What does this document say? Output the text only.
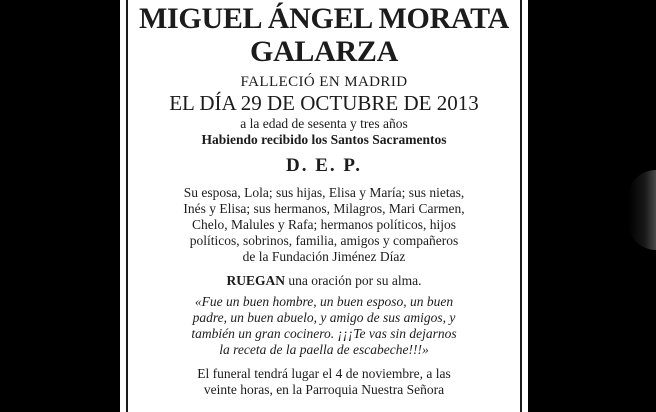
MIGUEL ÁNGEL MORATA
GALARZA
FALLECIÓ EN MADRID
EL DÍA 29 DE OCTUBRE DE 2013
a la edad de sesenta y tres años
Habiendo recibido los Santos Sacramentos
D. E. P.
Su esposa, Lola; sus hijas, Elisa y María; sus nietas,
Inés y Elisa; sus hermanos, Milagros, Mari Carmen,
Chelo, Malules y Rafa; hermanos políticos, hijos
políticos, sobrinos, familia, amigos y compañeros
de la Fundación Jiménez Díaz
RUEGAN una oración por su alma.
«Fue un buen hombre, un buen esposo, un buen
padre, un buen abuelo, y amigo de sus amigos, y
también un gran cocinero. ¡¡¡Te vas sin dejarnos
la receta de la paella de escabeche!!!»
El funeral tendrá lugar el 4 de noviembre, a las
veinte horas, en la Parroquia Nuestra Señora
